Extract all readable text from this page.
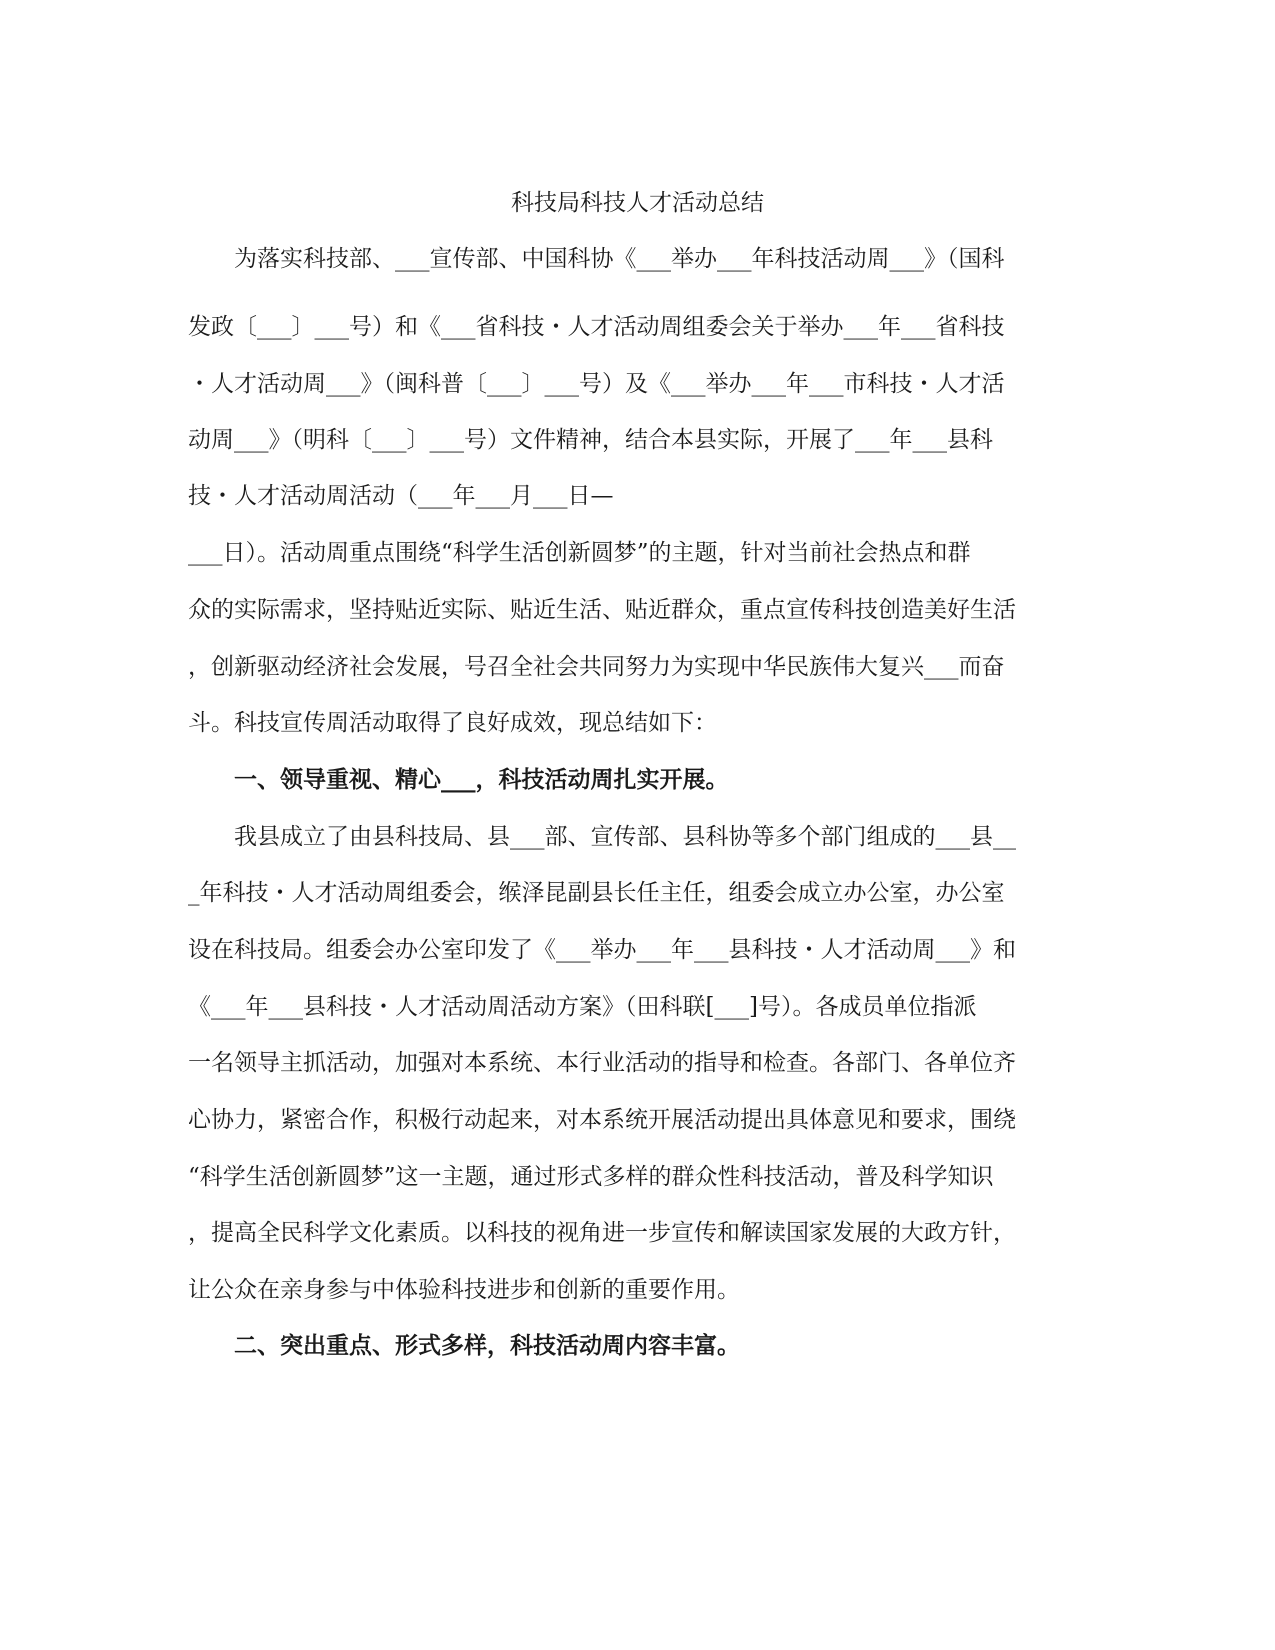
科技局科技人才活动总结
　　为落实科技部、___宣传部、中国科协《___举办___年科技活动周___》（国科
发政〔___〕___号）和《___省科技・人才活动周组委会关于举办___年___省科技
・人才活动周___》（闽科普〔___〕___号）及《___举办___年___市科技・人才活
动周___》（明科〔___〕___号）文件精神，结合本县实际，开展了___年___县科
技・人才活动周活动（___年___月___日—
___日）。活动周重点围绕“科学生活创新圆梦”的主题，针对当前社会热点和群
众的实际需求，坚持贴近实际、贴近生活、贴近群众，重点宣传科技创造美好生活
，创新驱动经济社会发展，号召全社会共同努力为实现中华民族伟大复兴___而奋
斗。科技宣传周活动取得了良好成效，现总结如下：
　　一、领导重视、精心___，科技活动周扎实开展。
　　我县成立了由县科技局、县___部、宣传部、县科协等多个部门组成的___县__
_年科技・人才活动周组委会，缑泽昆副县长任主任，组委会成立办公室，办公室
设在科技局。组委会办公室印发了《___举办___年___县科技・人才活动周___》和
《___年___县科技・人才活动周活动方案》（田科联[___]号）。各成员单位指派
一名领导主抓活动，加强对本系统、本行业活动的指导和检查。各部门、各单位齐
心协力，紧密合作，积极行动起来，对本系统开展活动提出具体意见和要求，围绕
“科学生活创新圆梦”这一主题，通过形式多样的群众性科技活动，普及科学知识
，提高全民科学文化素质。以科技的视角进一步宣传和解读国家发展的大政方针，
让公众在亲身参与中体验科技进步和创新的重要作用。
　　二、突出重点、形式多样，科技活动周内容丰富。
